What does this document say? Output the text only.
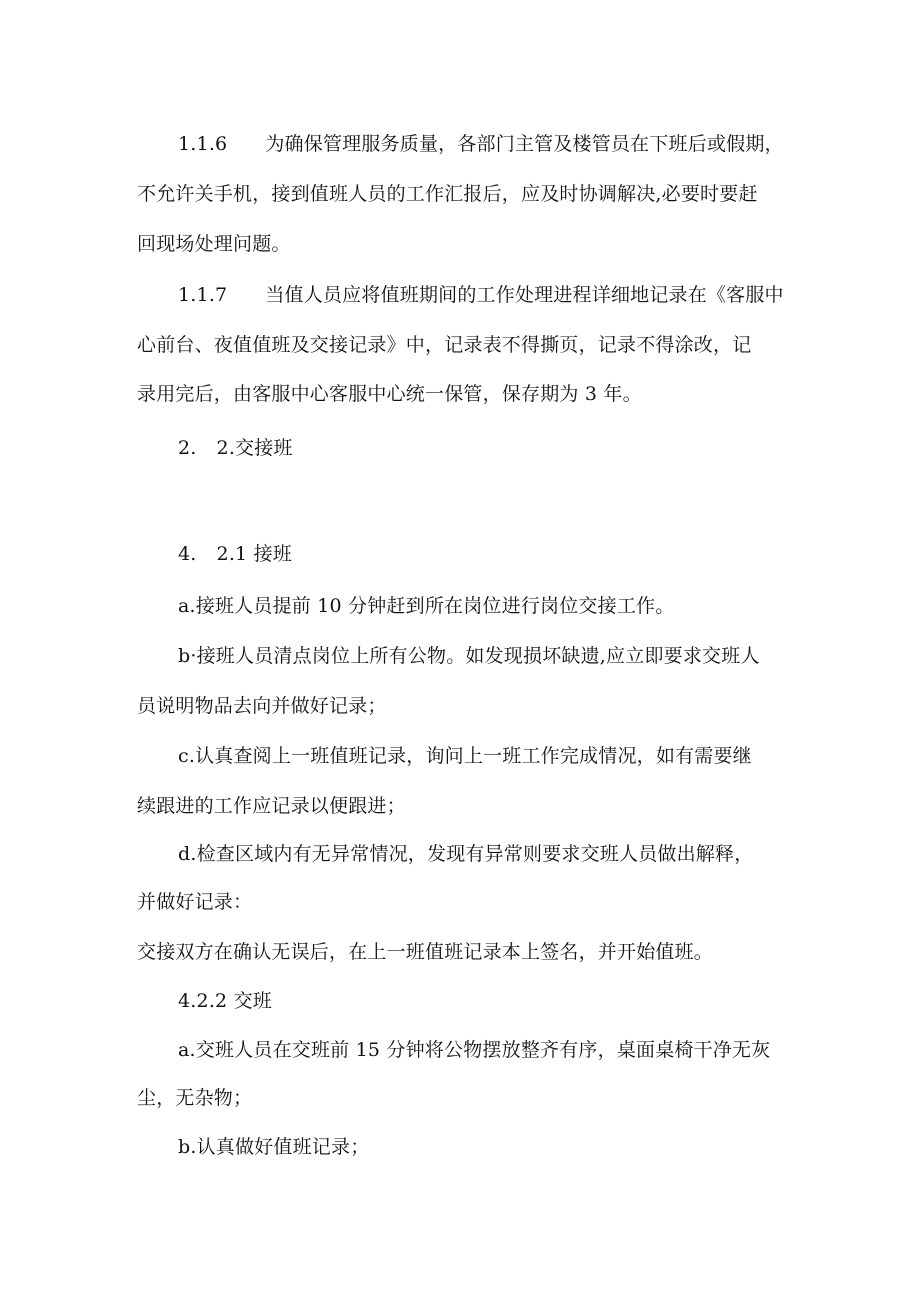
1.1.6 为确保管理服务质量，各部门主管及楼管员在下班后或假期，
不允许关手机，接到值班人员的工作汇报后，应及时协调解决,必要时要赶
回现场处理问题。
1.1.7 当值人员应将值班期间的工作处理进程详细地记录在《客服中
心前台、夜值值班及交接记录》中，记录表不得撕页，记录不得涂改，记
录用完后，由客服中心客服中心统一保管，保存期为 3 年。
2. 2.交接班
4. 2.1 接班
a.接班人员提前 10 分钟赶到所在岗位进行岗位交接工作。
b·接班人员清点岗位上所有公物。如发现损坏缺遗,应立即要求交班人
员说明物品去向并做好记录；
c.认真查阅上一班值班记录，询问上一班工作完成情况，如有需要继
续跟进的工作应记录以便跟进；
d.检查区域内有无异常情况，发现有异常则要求交班人员做出解释，
并做好记录：
交接双方在确认无误后，在上一班值班记录本上签名，并开始值班。
4.2.2 交班
a.交班人员在交班前 15 分钟将公物摆放整齐有序，桌面桌椅干净无灰
尘，无杂物；
b.认真做好值班记录；
